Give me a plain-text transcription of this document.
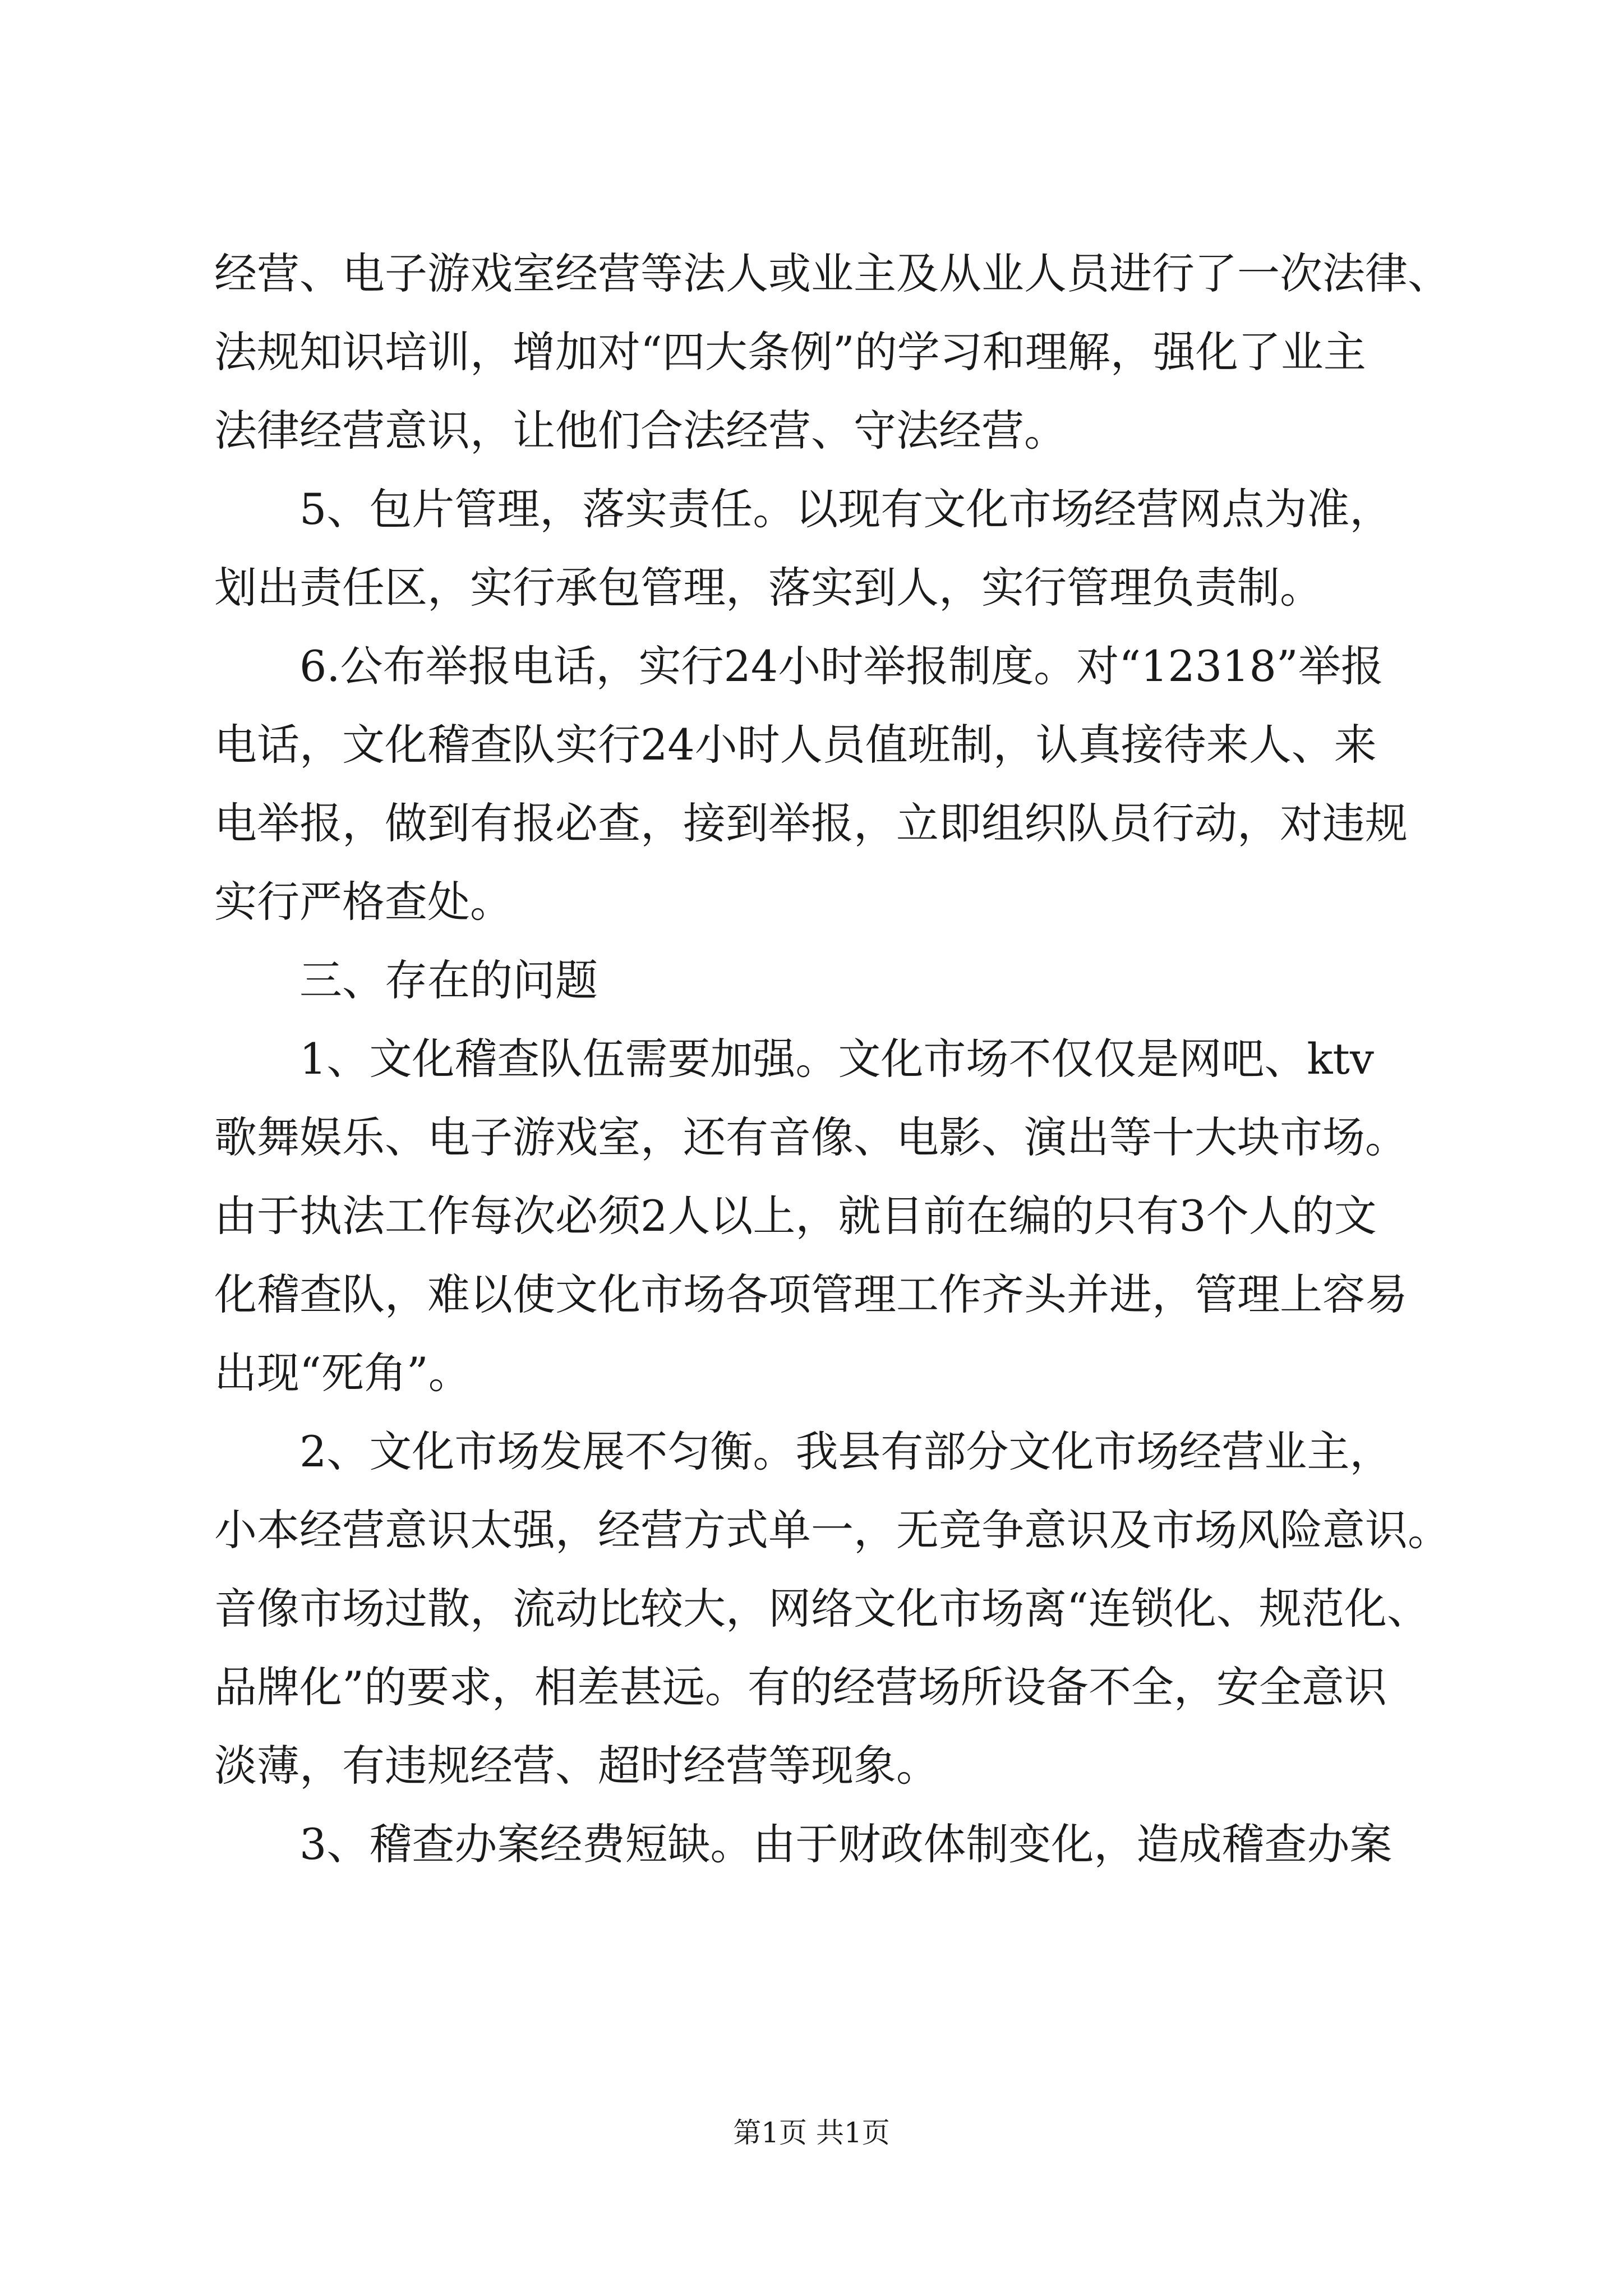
经营、电子游戏室经营等法人或业主及从业人员进行了一次法律、
法规知识培训，增加对“四大条例”的学习和理解，强化了业主
法律经营意识，让他们合法经营、守法经营。
5、包片管理，落实责任。以现有文化市场经营网点为准，
划出责任区，实行承包管理，落实到人，实行管理负责制。
6.公布举报电话，实行24小时举报制度。对“12318”举报
电话，文化稽查队实行24小时人员值班制，认真接待来人、来
电举报，做到有报必查，接到举报，立即组织队员行动，对违规
实行严格查处。
三、存在的问题
1、文化稽查队伍需要加强。文化市场不仅仅是网吧、ktv
歌舞娱乐、电子游戏室，还有音像、电影、演出等十大块市场。
由于执法工作每次必须2人以上，就目前在编的只有3个人的文
化稽查队，难以使文化市场各项管理工作齐头并进，管理上容易
出现“死角”。
2、文化市场发展不匀衡。我县有部分文化市场经营业主，
小本经营意识太强，经营方式单一，无竞争意识及市场风险意识。
音像市场过散，流动比较大，网络文化市场离“连锁化、规范化、
品牌化”的要求，相差甚远。有的经营场所设备不全，安全意识
淡薄，有违规经营、超时经营等现象。
3、稽查办案经费短缺。由于财政体制变化，造成稽查办案
第1页 共1页
